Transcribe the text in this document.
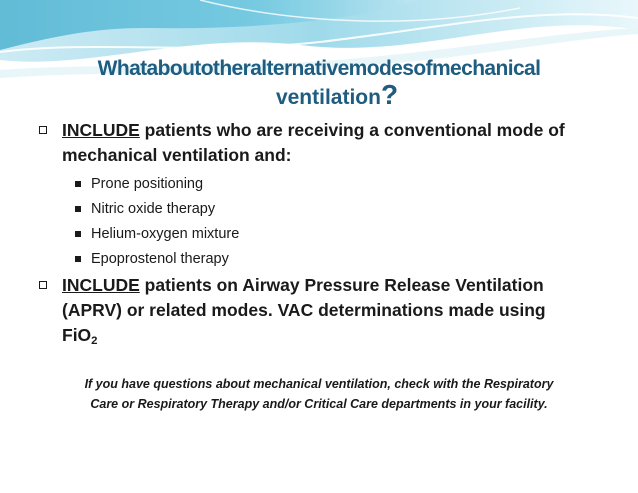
Whataboutotheralternativemodesofmechanical
ventilation?
INCLUDE patients who are receiving a conventional mode of
mechanical ventilation and:
Prone positioning
Nitric oxide therapy
Helium-oxygen mixture
Epoprostenol therapy
INCLUDE patients on Airway Pressure Release Ventilation
(APRV) or related modes. VAC determinations made using
FiO$_2$
If you have questions about mechanical ventilation, check with the Respiratory
Care or Respiratory Therapy and/or Critical Care departments in your facility.
